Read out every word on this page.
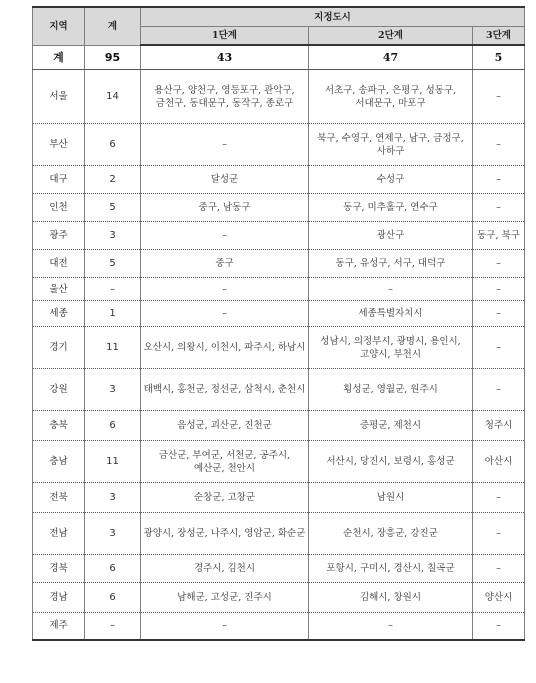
지역	계	지정도시		
		1단계	2단계	3단계
계	95	43	47	5
서울	14	용산구, 양천구, 영등포구, 관악구, 금천구, 동대문구, 동작구, 종로구	서초구, 송파구, 은평구, 성동구, 서대문구, 마포구	–
부산	6	–	북구, 수영구, 연제구, 남구, 금정구, 사하구	–
대구	2	달성군	수성구	–
인천	5	중구, 남동구	동구, 미추홀구, 연수구	–
광주	3	–	광산구	동구, 북구
대전	5	중구	동구, 유성구, 서구, 대덕구	–
울산	–	–	–	–
세종	1	–	세종특별자치시	–
경기	11	오산시, 의왕시, 이천시, 파주시, 하남시	성남시, 의정부시, 광명시, 용인시, 고양시, 부천시	–
강원	3	태백시, 홍천군, 정선군, 삼척시, 춘천시	횡성군, 영월군, 원주시	–
충북	6	음성군, 괴산군, 진천군	증평군, 제천시	청주시
충남	11	금산군, 부여군, 서천군, 공주시, 예산군, 천안시	서산시, 당진시, 보령시, 홍성군	아산시
전북	3	순창군, 고창군	남원시	–
전남	3	광양시, 장성군, 나주시, 영암군, 화순군	순천시, 장흥군, 강진군	–
경북	6	경주시, 김천시	포항시, 구미시, 경산시, 칠곡군	–
경남	6	남해군, 고성군, 진주시	김해시, 창원시	양산시
제주	–	–	–	–
